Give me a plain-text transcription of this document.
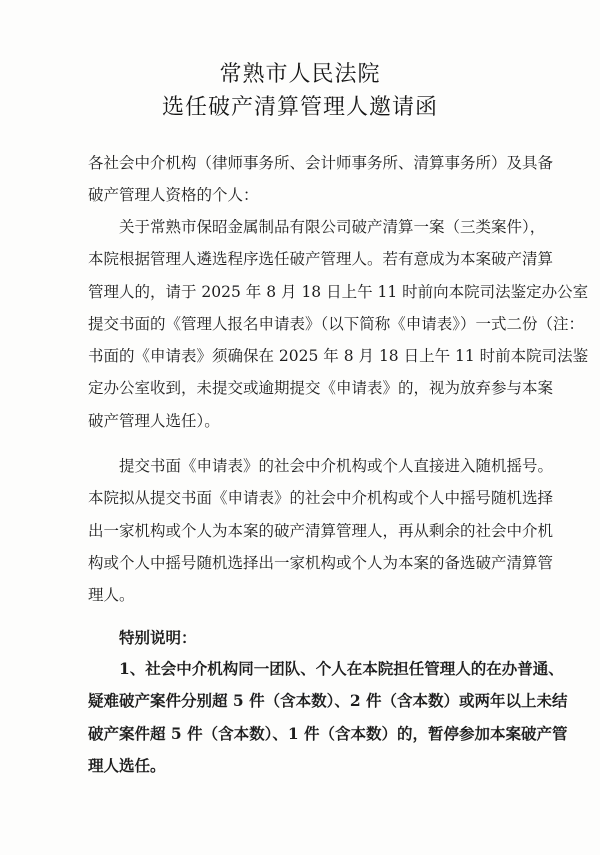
常熟市人民法院
选任破产清算管理人邀请函
各社会中介机构（律师事务所、会计师事务所、清算事务所）及具备
破产管理人资格的个人：
关于常熟市保昭金属制品有限公司破产清算一案（三类案件），
本院根据管理人遴选程序选任破产管理人。若有意成为本案破产清算
管理人的，请于 2025 年 8 月 18 日上午 11 时前向本院司法鉴定办公室
提交书面的《管理人报名申请表》（以下简称《申请表》）一式二份（注：
书面的《申请表》须确保在 2025 年 8 月 18 日上午 11 时前本院司法鉴
定办公室收到，未提交或逾期提交《申请表》的，视为放弃参与本案
破产管理人选任）。
提交书面《申请表》的社会中介机构或个人直接进入随机摇号。
本院拟从提交书面《申请表》的社会中介机构或个人中摇号随机选择
出一家机构或个人为本案的破产清算管理人，再从剩余的社会中介机
构或个人中摇号随机选择出一家机构或个人为本案的备选破产清算管
理人。
特别说明：
1、社会中介机构同一团队、个人在本院担任管理人的在办普通、
疑难破产案件分别超 5 件（含本数）、2 件（含本数）或两年以上未结
破产案件超 5 件（含本数）、1 件（含本数）的，暂停参加本案破产管
理人选任。
